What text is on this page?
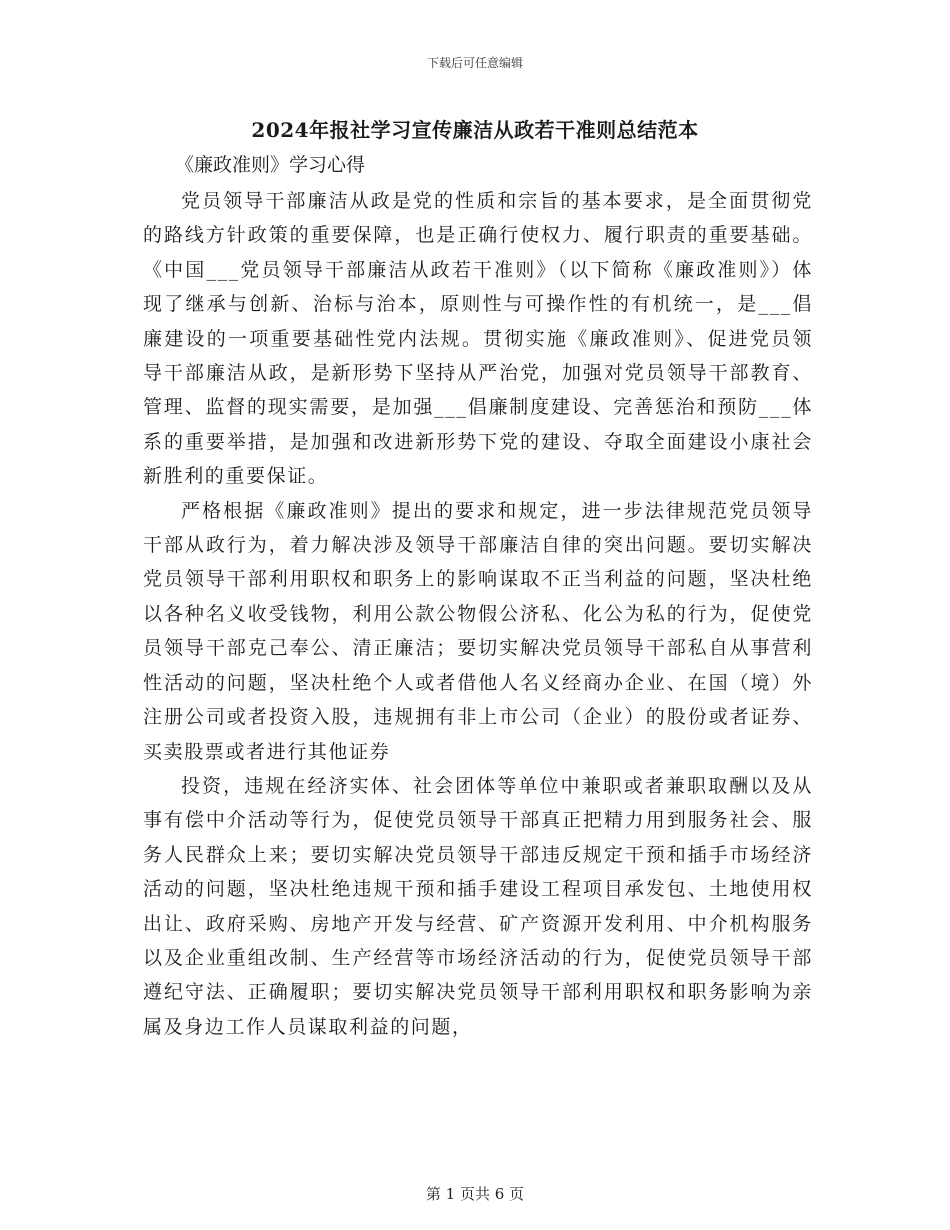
下载后可任意编辑
2024年报社学习宣传廉洁从政若干准则总结范本
《廉政准则》学习心得

党员领导干部廉洁从政是党的性质和宗旨的基本要求，是全面贯彻党的路线方针政策的重要保障，也是正确行使权力、履行职责的重要基础。《中国___党员领导干部廉洁从政若干准则》（以下简称《廉政准则》）体现了继承与创新、治标与治本，原则性与可操作性的有机统一，是___倡廉建设的一项重要基础性党内法规。贯彻实施《廉政准则》、促进党员领导干部廉洁从政，是新形势下坚持从严治党，加强对党员领导干部教育、管理、监督的现实需要，是加强___倡廉制度建设、完善惩治和预防___体系的重要举措，是加强和改进新形势下党的建设、夺取全面建设小康社会新胜利的重要保证。

严格根据《廉政准则》提出的要求和规定，进一步法律规范党员领导干部从政行为，着力解决涉及领导干部廉洁自律的突出问题。要切实解决党员领导干部利用职权和职务上的影响谋取不正当利益的问题，坚决杜绝以各种名义收受钱物，利用公款公物假公济私、化公为私的行为，促使党员领导干部克己奉公、清正廉洁；要切实解决党员领导干部私自从事营利性活动的问题，坚决杜绝个人或者借他人名义经商办企业、在国（境）外注册公司或者投资入股，违规拥有非上市公司（企业）的股份或者证券、买卖股票或者进行其他证券

投资，违规在经济实体、社会团体等单位中兼职或者兼职取酬以及从事有偿中介活动等行为，促使党员领导干部真正把精力用到服务社会、服务人民群众上来；要切实解决党员领导干部违反规定干预和插手市场经济活动的问题，坚决杜绝违规干预和插手建设工程项目承发包、土地使用权出让、政府采购、房地产开发与经营、矿产资源开发利用、中介机构服务以及企业重组改制、生产经营等市场经济活动的行为，促使党员领导干部遵纪守法、正确履职；要切实解决党员领导干部利用职权和职务影响为亲属及身边工作人员谋取利益的问题，

第 1 页共 6 页
